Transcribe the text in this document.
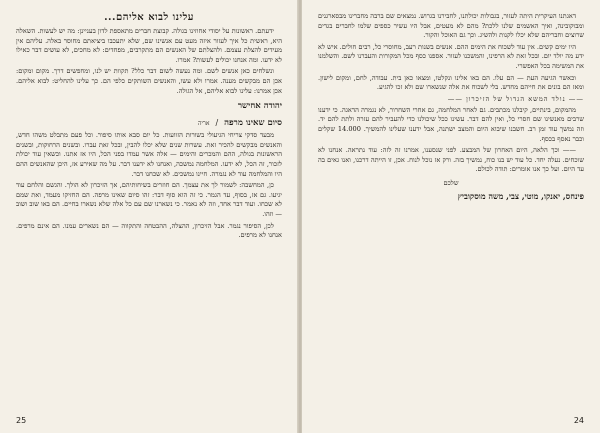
עלינו לבוא אליהם...

ידעתם. ראשונות על יסודי אחוזינו בגולה. קבוצת חברים מתאספת לדון בעניינן: מה יש לעשות. השאלה היא, ראשית כל איך לעזור איזה מעט עם אנשינו שם, שלא יתעכבו ביציאתם מחוסר באלה. עליהם אין מעידים להצלת עצמם. ולהצלתם של האנשים הם מתקרבים, מפחדים: לא מחכים, לא עושים דבר כאילו לא ידעו. ומה אנחנו יכולים לעשות? אמרו.

ונשלחים כאן אנשים לשם. ומה נעשה לשום דבר כלל? תקוות יש לנו, ומחפשים דרך. מקום ומקום: אכן הם מבקשים מענה. אמרו ולא עשו, והאנשים השותקים כלפי הם. כך עלינו להחליט: לבוא אליהם. אכן אמרנו: עלינו לבוא אליהם, אל הגולה.

יהודה אחישר
סיום שאינו מרפה
/
אריה

מבעד סדקי צריחי הגיעולי בשורות הזוועות. כל יום סבא אותו סיפור. וכל פעם מתבלט משהו חדש, והאנשים מבקשים להכיר זאת. עשרות שנים שלא יכלו להבין, ובכל זאת עברו. ובשנים הרחוקות, ובשנים הראשונות בגולה, ההם והמכרים והימים — אלה אשר עמדו בפני הכל, היו אז אתנו. וכשאין עוד יכולת לזכור, זה הכל, לא ידעו. המלחמה נמשכה, ואנחנו לא ידענו דבר. על מה שאירע אז, היכן שהאנשים ההם היו והמלחמה עוד לא נגמרה. חיינו נמשכים. לא שכחנו דבר.

כן, המחשבה: לשמור לך את עצמך. הם חוזרים בשיחותיהם, אך הזיכרון לא הולך. והגשם והלחם עוד יגיעו. גם אז, בסוף, עד הגמר. כי זה הוא סוף דבר: זהו סיום שאינו מרפה. הם החזיקו מעמד, ואת שמם לא שכחו. ועוד דבר אחד, וזה לא נאמר. כי נשארנו שם עם כל אלה שלא נשארו בחיים. הם באו שוב ושוב — וזהו.

לכן, הסיפור נגמר. אבל הזיכרון, ההצלה, ההבטחה והתקווה — הם נשארים עמנו. הם אינם מרפים. אנחנו לא מרפים.

25

דאגתנו העיקרית היתה לעזור, בגבולות יכולתנו, לחבירנו בגרוש. נמצאים שם ברבה מחברינו מבסארגנים ומבוקובינה, ואיך האשמים שלנו ללכת? מהם לא מעטים, אבל היו עשיר כספים שלמו לחברים בגדים שרוצים וחבריהם שלא יכלו לקנות ולהשיג. וכך גם האוכל והקור.

היו ימים קשים. אין עוד לשכוח את הימים ההם. אנשים בשנות רעב, מחוסרי כל, רבים חולים. איש לא ידע מה יולד יום. ובכל זאת לא הרפינו, והמשכנו לעזור. אספנו כסף מכל המקורות והעברנו לשם. והשלמנו את המשימה בכל האפשרי.

וכאשר הגיעה העת — הם עלו. הם באו אלינו ונקלטו, ומצאו כאן בית. עבודה, לחם, ומקום לישון. ומאז הם בונים את חייהם מחדש. בלי לשכוח את אלה שנשארו שם ולא זכו להגיע.

—— נולד המשא הגדול של הזיכרון ——

מהמקום, בינתיים, קיבלנו מכתבים. גם לאחר המלחמה, גם אחרי השחרור, לא נגמרה הדאגה. כי ידענו שרבים מאנשינו שם חסרי כל, ואין להם דבר. עשינו ככל שיכולנו כדי להעביר להם עזרה ולתת להם יד. וזה נמשך עוד זמן רב. חשבנו שיבוא היום והמצב ישתנה, אבל ידענו שעלינו להמשיך. 14.000 שקלים וכבר נאסף בכסף.

—— וכך הלאה, היום האחרון של המבצע. לפני שנסענו, אמרנו זה לזה: עוד נתראה. אנחנו לא שוכחים. נעלה יחד. כל עוד יש בנו כוח, נמשיך בזה. ורק אז נוכל לנוח. אכן, זו הייתה דרכנו, ואנו גאים בה עד היום. ועל כך אנו אומרים: תודה לכולם.

שלכם
פינחס, יאנקו, מוטי, צבי, משה מוסקוביץ
24
